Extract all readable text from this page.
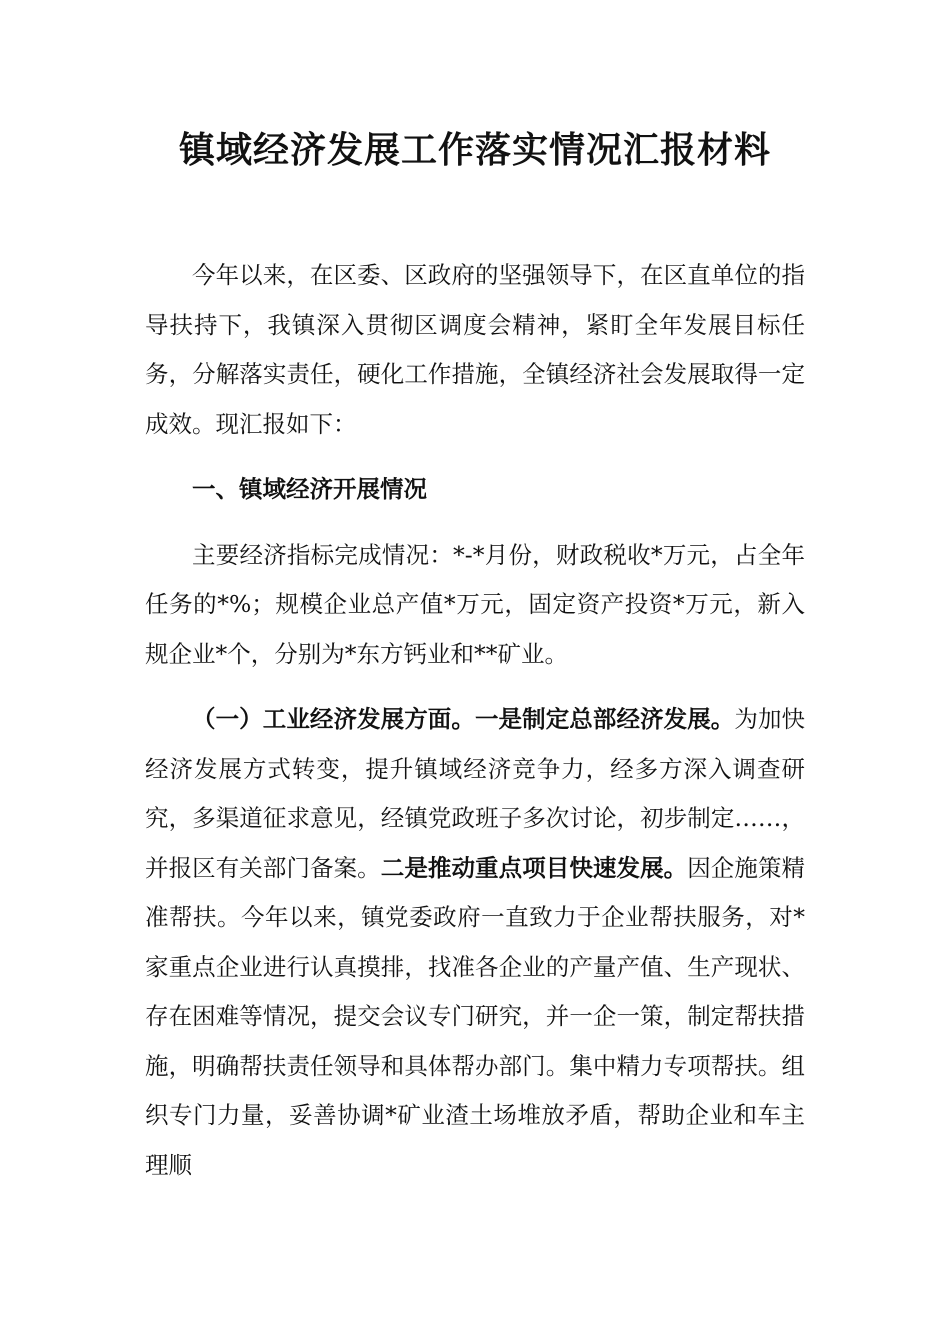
镇域经济发展工作落实情况汇报材料

今年以来，在区委、区政府的坚强领导下，在区直单位的指导扶持下，我镇深入贯彻区调度会精神，紧盯全年发展目标任务，分解落实责任，硬化工作措施，全镇经济社会发展取得一定成效。现汇报如下：

一、镇域经济开展情况

主要经济指标完成情况：*-*月份，财政税收*万元，占全年任务的*%；规模企业总产值*万元，固定资产投资*万元，新入规企业*个，分别为*东方钙业和**矿业。

（一）工业经济发展方面。一是制定总部经济发展。为加快经济发展方式转变，提升镇域经济竞争力，经多方深入调查研究，多渠道征求意见，经镇党政班子多次讨论，初步制定……，并报区有关部门备案。二是推动重点项目快速发展。因企施策精准帮扶。今年以来，镇党委政府一直致力于企业帮扶服务，对*家重点企业进行认真摸排，找准各企业的产量产值、生产现状、存在困难等情况，提交会议专门研究，并一企一策，制定帮扶措施，明确帮扶责任领导和具体帮办部门。集中精力专项帮扶。组织专门力量，妥善协调*矿业渣土场堆放矛盾，帮助企业和车主理顺
